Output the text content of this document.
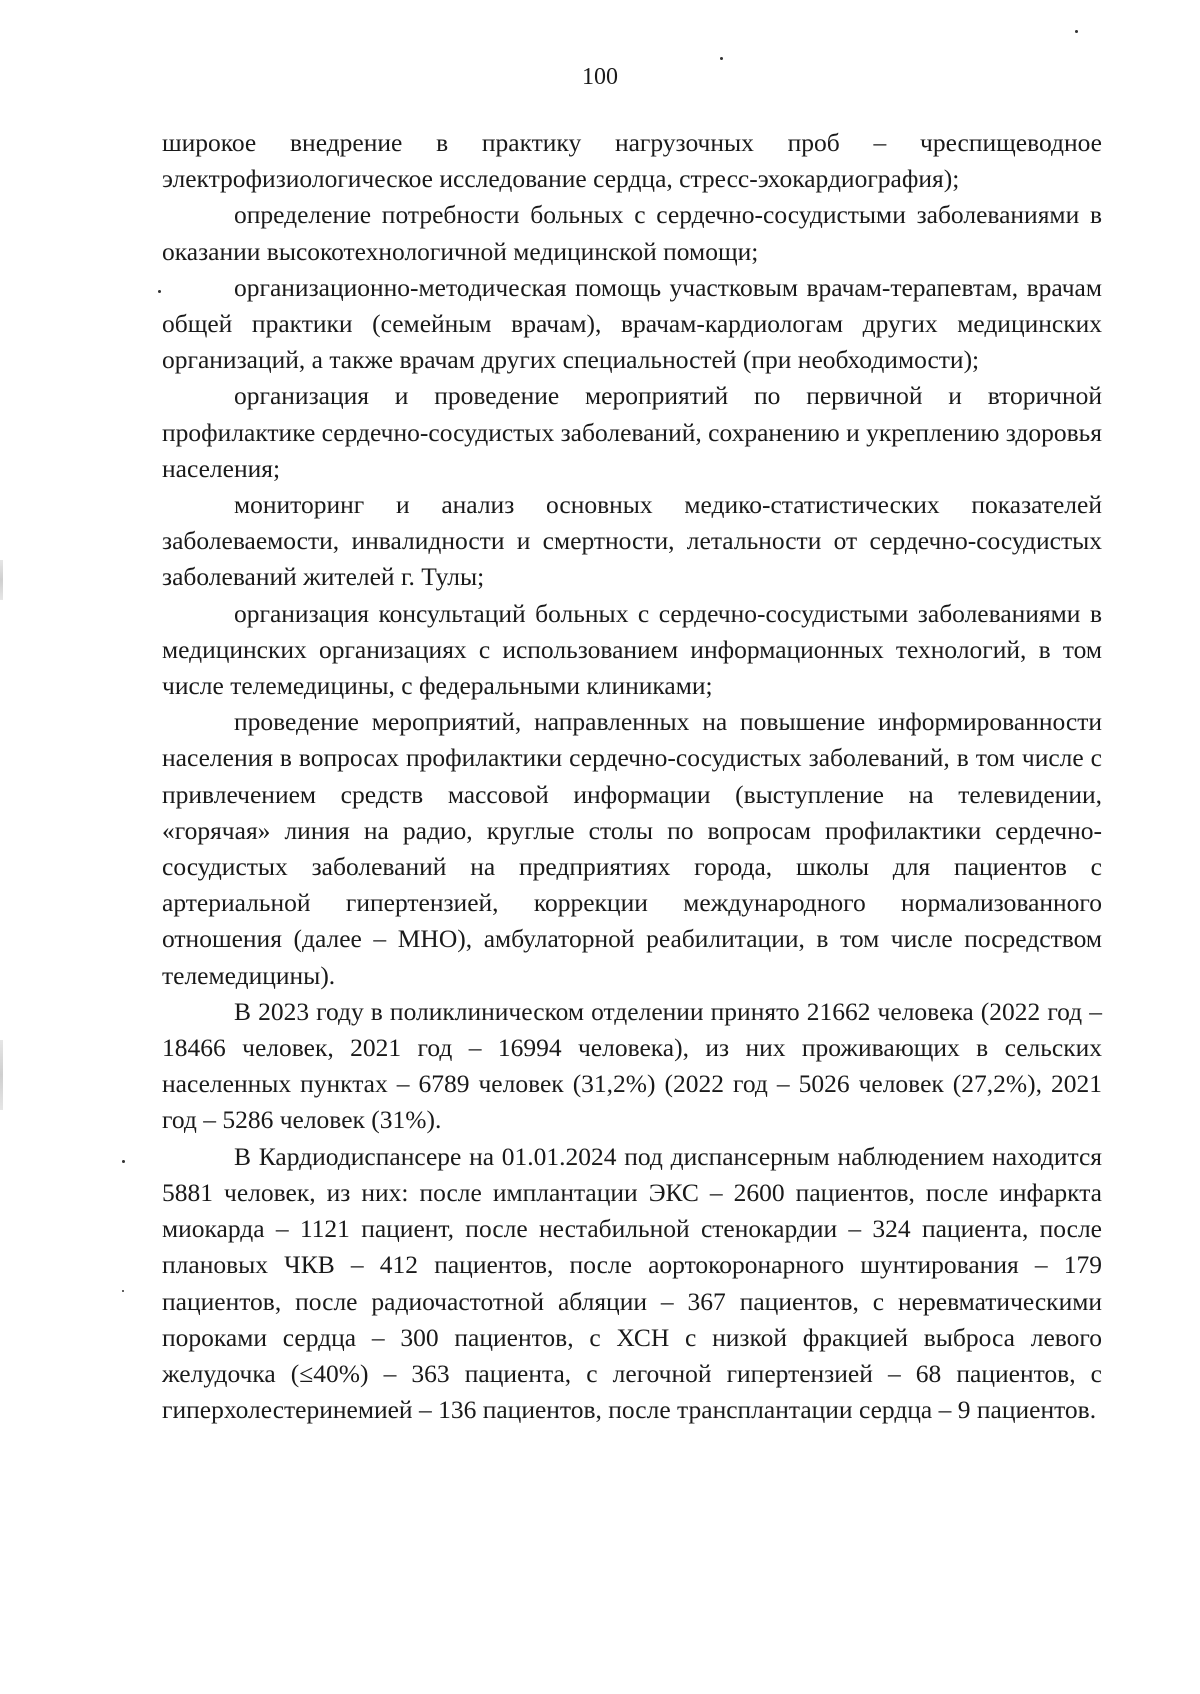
100

широкое внедрение в практику нагрузочных проб – чреспищеводное электрофизиологическое исследование сердца, стресс-эхокардиография);

определение потребности больных с сердечно-сосудистыми заболеваниями в оказании высокотехнологичной медицинской помощи;

организационно-методическая помощь участковым врачам-терапевтам, врачам общей практики (семейным врачам), врачам-кардиологам других медицинских организаций, а также врачам других специальностей (при необходимости);

организация и проведение мероприятий по первичной и вторичной профилактике сердечно-сосудистых заболеваний, сохранению и укреплению здоровья населения;

мониторинг и анализ основных медико-статистических показателей заболеваемости, инвалидности и смертности, летальности от сердечно-сосудистых заболеваний жителей г. Тулы;

организация консультаций больных с сердечно-сосудистыми заболеваниями в медицинских организациях с использованием информационных технологий, в том числе телемедицины, с федеральными клиниками;

проведение мероприятий, направленных на повышение информированности населения в вопросах профилактики сердечно-сосудистых заболеваний, в том числе с привлечением средств массовой информации (выступление на телевидении, «горячая» линия на радио, круглые столы по вопросам профилактики сердечно-сосудистых заболеваний на предприятиях города, школы для пациентов с артериальной гипертензией, коррекции международного нормализованного отношения (далее – МНО), амбулаторной реабилитации, в том числе посредством телемедицины).

В 2023 году в поликлиническом отделении принято 21662 человека (2022 год – 18466 человек, 2021 год – 16994 человека), из них проживающих в сельских населенных пунктах – 6789 человек (31,2%) (2022 год – 5026 человек (27,2%), 2021 год – 5286 человек (31%).

В Кардиодиспансере на 01.01.2024 под диспансерным наблюдением находится 5881 человек, из них: после имплантации ЭКС – 2600 пациентов, после инфаркта миокарда – 1121 пациент, после нестабильной стенокардии – 324 пациента, после плановых ЧКВ – 412 пациентов, после аортокоронарного шунтирования – 179 пациентов, после радиочастотной абляции – 367 пациентов, с неревматическими пороками сердца – 300 пациентов, с ХСН с низкой фракцией выброса левого желудочка (≤40%) – 363 пациента, с легочной гипертензией – 68 пациентов, с гиперхолестеринемией – 136 пациентов, после трансплантации сердца – 9 пациентов.
